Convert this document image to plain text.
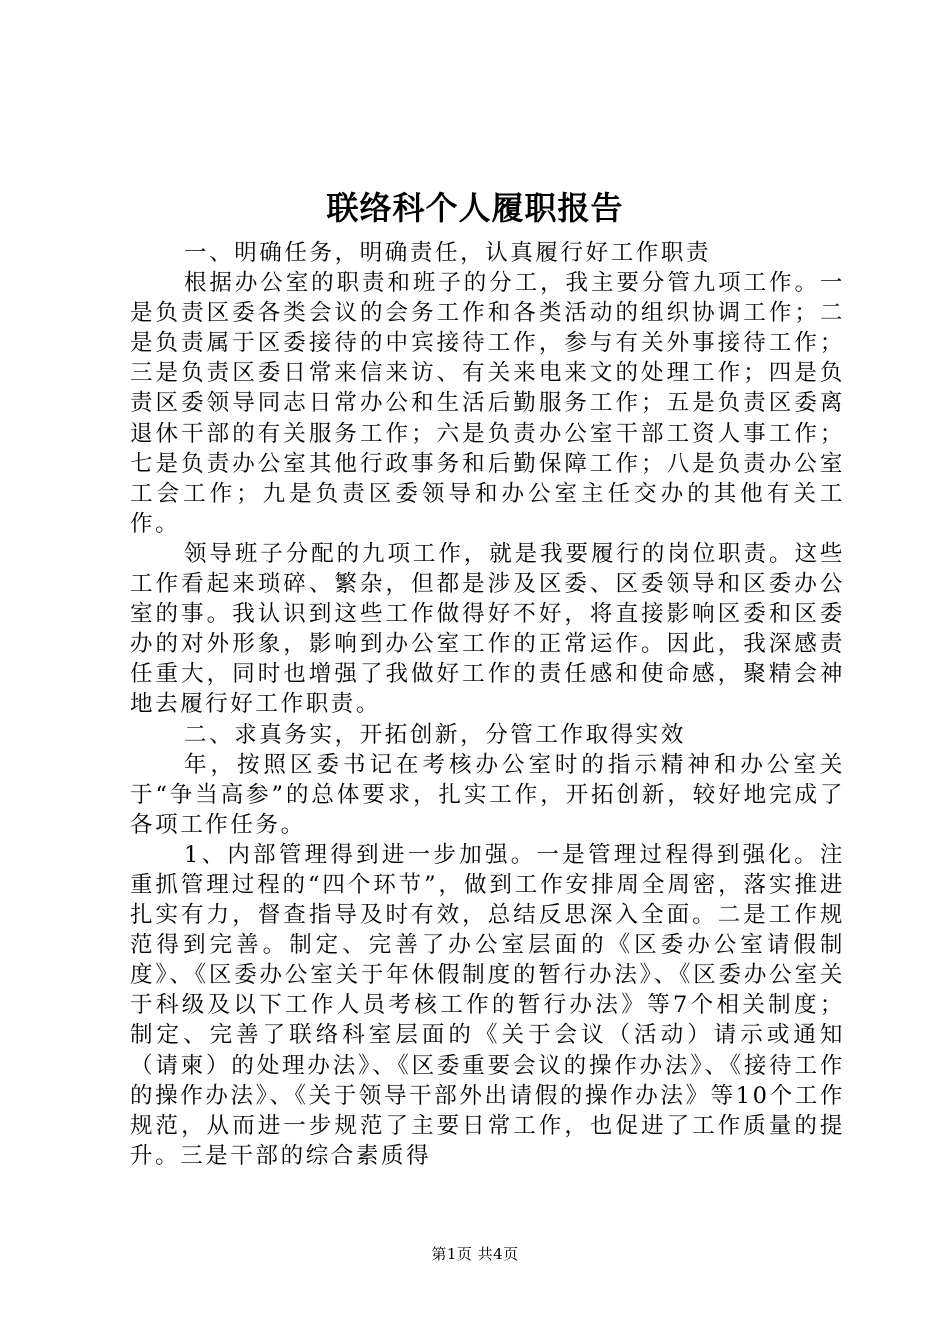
联络科个人履职报告

一、明确任务，明确责任，认真履行好工作职责

根据办公室的职责和班子的分工，我主要分管九项工作。一是负责区委各类会议的会务工作和各类活动的组织协调工作；二是负责属于区委接待的中宾接待工作，参与有关外事接待工作；三是负责区委日常来信来访、有关来电来文的处理工作；四是负责区委领导同志日常办公和生活后勤服务工作；五是负责区委离退休干部的有关服务工作；六是负责办公室干部工资人事工作；七是负责办公室其他行政事务和后勤保障工作；八是负责办公室工会工作；九是负责区委领导和办公室主任交办的其他有关工作。

领导班子分配的九项工作，就是我要履行的岗位职责。这些工作看起来琐碎、繁杂，但都是涉及区委、区委领导和区委办公室的事。我认识到这些工作做得好不好，将直接影响区委和区委办的对外形象，影响到办公室工作的正常运作。因此，我深感责任重大，同时也增强了我做好工作的责任感和使命感，聚精会神地去履行好工作职责。

二、求真务实，开拓创新，分管工作取得实效

年，按照区委书记在考核办公室时的指示精神和办公室关于“争当高参”的总体要求，扎实工作，开拓创新，较好地完成了各项工作任务。

1、内部管理得到进一步加强。一是管理过程得到强化。注重抓管理过程的“四个环节”，做到工作安排周全周密，落实推进扎实有力，督查指导及时有效，总结反思深入全面。二是工作规范得到完善。制定、完善了办公室层面的《区委办公室请假制度》、《区委办公室关于年休假制度的暂行办法》、《区委办公室关于科级及以下工作人员考核工作的暂行办法》等7个相关制度；制定、完善了联络科室层面的《关于会议（活动）请示或通知（请柬）的处理办法》、《区委重要会议的操作办法》、《接待工作的操作办法》、《关于领导干部外出请假的操作办法》等10个工作规范，从而进一步规范了主要日常工作，也促进了工作质量的提升。三是干部的综合素质得

第1页 共4页
